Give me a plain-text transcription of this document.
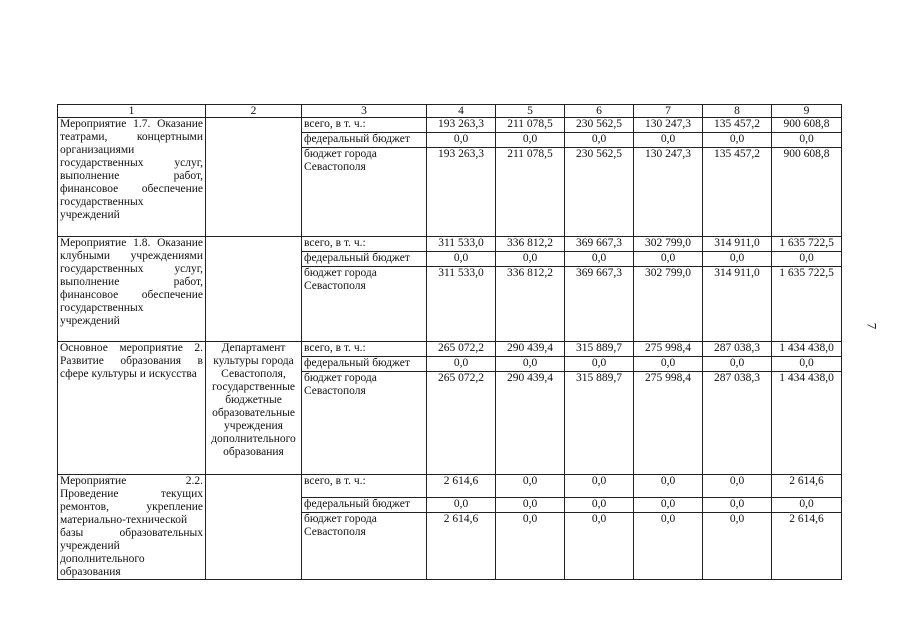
1	2	3	4	5	6	7	8	9
Мероприятие 1.7. Оказание театрами, концертными организациями государственных услуг, выполнение работ, финансовое обеспечение государственных учреждений		всего, в т. ч.:	193 263,3	211 078,5	230 562,5	130 247,3	135 457,2	900 608,8
		федеральный бюджет	0,0	0,0	0,0	0,0	0,0	0,0
		бюджет города Севастополя	193 263,3	211 078,5	230 562,5	130 247,3	135 457,2	900 608,8
Мероприятие 1.8. Оказание клубными учреждениями государственных услуг, выполнение работ, финансовое обеспечение государственных учреждений		всего, в т. ч.:	311 533,0	336 812,2	369 667,3	302 799,0	314 911,0	1 635 722,5
		федеральный бюджет	0,0	0,0	0,0	0,0	0,0	0,0
		бюджет города Севастополя	311 533,0	336 812,2	369 667,3	302 799,0	314 911,0	1 635 722,5
Основное мероприятие 2. Развитие образования в сфере культуры и искусства	Департамент культуры города Севастополя, государственные бюджетные образовательные учреждения дополнительного образования	всего, в т. ч.:	265 072,2	290 439,4	315 889,7	275 998,4	287 038,3	1 434 438,0
		федеральный бюджет	0,0	0,0	0,0	0,0	0,0	0,0
		бюджет города Севастополя	265 072,2	290 439,4	315 889,7	275 998,4	287 038,3	1 434 438,0
Мероприятие 2.2. Проведение текущих ремонтов, укрепление материально-технической базы образовательных учреждений дополнительного образования		всего, в т. ч.:	2 614,6	0,0	0,0	0,0	0,0	2 614,6
		федеральный бюджет	0,0	0,0	0,0	0,0	0,0	0,0
		бюджет города Севастополя	2 614,6	0,0	0,0	0,0	0,0	2 614,6
7
